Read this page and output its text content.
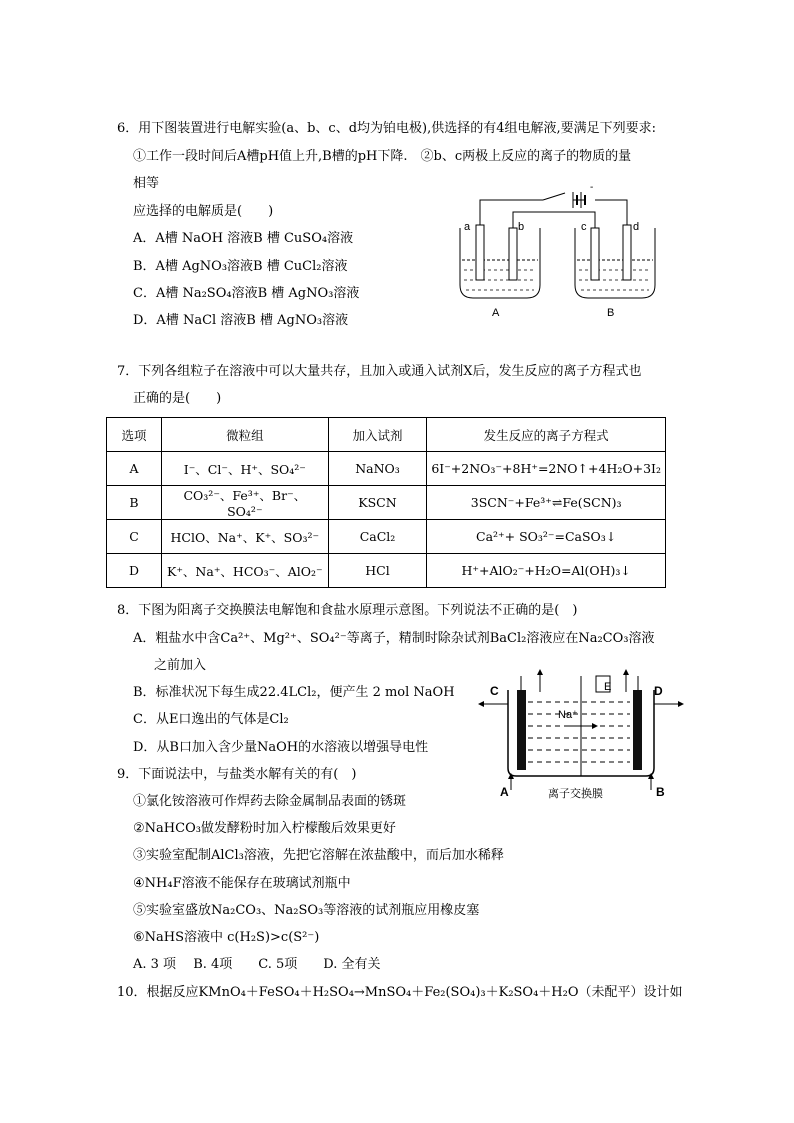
6．用下图装置进行电解实验(a、b、c、d均为铂电极),供选择的有4组电解液,要满足下列要求:
①工作一段时间后A槽pH值上升,B槽的pH下降.　②b、c两极上反应的离子的物质的量
相等
应选择的电解质是(　　)
A．A槽 NaOH 溶液B 槽 CuSO₄溶液
B．A槽 AgNO₃溶液B 槽 CuCl₂溶液
C．A槽 Na₂SO₄溶液B 槽 AgNO₃溶液
D．A槽 NaCl 溶液B 槽 AgNO₃溶液
-
a	b	c	d
A	B
7．下列各组粒子在溶液中可以大量共存，且加入或通入试剂X后，发生反应的离子方程式也
正确的是(　　)
选项	微粒组	加入试剂	发生反应的离子方程式
A	I⁻、Cl⁻、H⁺、SO₄²⁻	NaNO₃	6I⁻+2NO₃⁻+8H⁺=2NO↑+4H₂O+3I₂
B	CO₃²⁻、Fe³⁺、Br⁻、SO₄²⁻	KSCN	3SCN⁻+Fe³⁺⇌Fe(SCN)₃
C	HClO、Na⁺、K⁺、SO₃²⁻	CaCl₂	Ca²⁺+ SO₃²⁻=CaSO₃↓
D	K⁺、Na⁺、HCO₃⁻、AlO₂⁻	HCl	H⁺+AlO₂⁻+H₂O=Al(OH)₃↓
8．下图为阳离子交换膜法电解饱和食盐水原理示意图。下列说法不正确的是(　)
A．粗盐水中含Ca²⁺、Mg²⁺、SO₄²⁻等离子，精制时除杂试剂BaCl₂溶液应在Na₂CO₃溶液
之前加入
B．标准状况下每生成22.4LCl₂，便产生 2 mol NaOH
C．从E口逸出的气体是Cl₂
D．从B口加入含少量NaOH的水溶液以增强导电性
C	D
E
Na⁺
A	B
离子交换膜
9．下面说法中，与盐类水解有关的有(　)
①氯化铵溶液可作焊药去除金属制品表面的锈斑
②NaHCO₃做发酵粉时加入柠檬酸后效果更好
③实验室配制AlCl₃溶液，先把它溶解在浓盐酸中，而后加水稀释
④NH₄F溶液不能保存在玻璃试剂瓶中
⑤实验室盛放Na₂CO₃、Na₂SO₃等溶液的试剂瓶应用橡皮塞
⑥NaHS溶液中 c(H₂S)>c(S²⁻)
A. 3 项　 B. 4项　　C. 5项　　D. 全有关
10．根据反应KMnO₄＋FeSO₄＋H₂SO₄→MnSO₄＋Fe₂(SO₄)₃＋K₂SO₄＋H₂O（未配平）设计如
